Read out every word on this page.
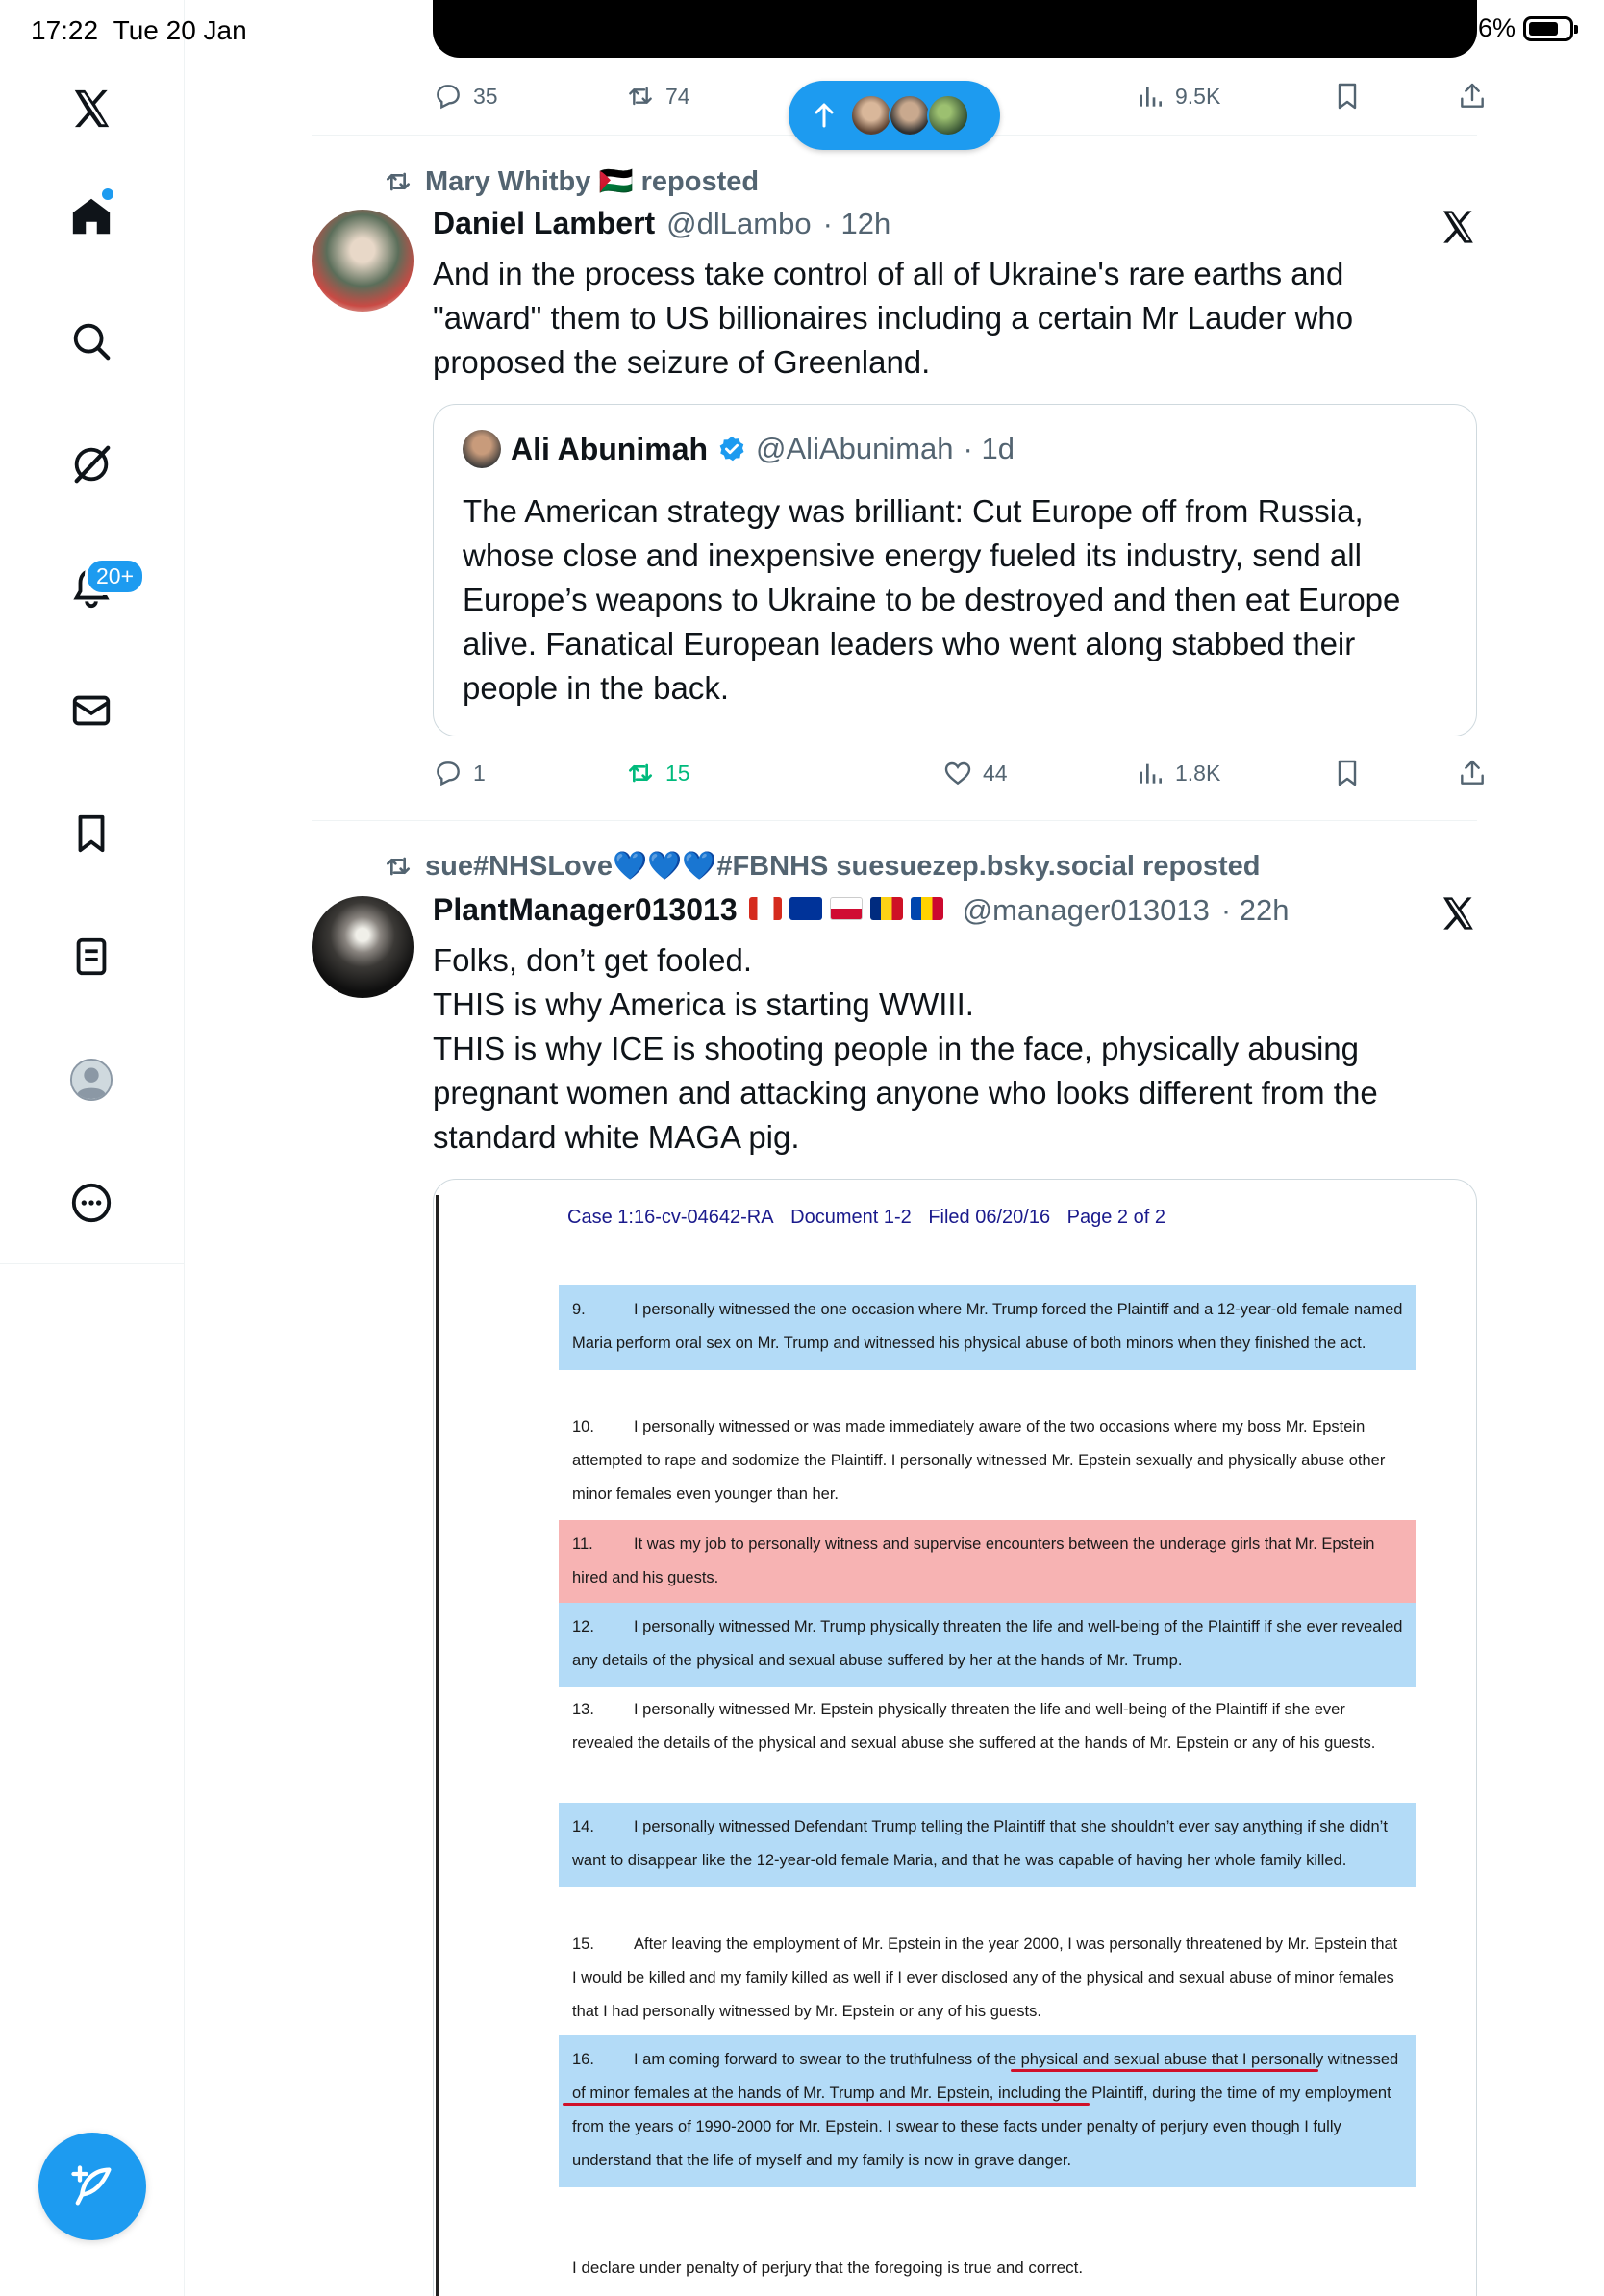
17:22 Tue 20 Jan	76%
20+
35	74	9.5K
Mary Whitby 🇵🇸 reposted
Daniel Lambert @dlLambo · 12h
And in the process take control of all of Ukraine's rare earths and "award" them to US billionaires including a certain Mr Lauder who proposed the seizure of Greenland.
Ali Abunimah @AliAbunimah · 1d
The American strategy was brilliant: Cut Europe off from Russia, whose close and inexpensive energy fueled its industry, send all Europe’s weapons to Ukraine to be destroyed and then eat Europe alive. Fanatical European leaders who went along stabbed their people in the back.
1	15	44	1.8K
sue#NHSLove💙💙💙#FBNHS suesuezep.bsky.social reposted
PlantManager013013	@manager013013 · 22h
Folks, don’t get fooled.
THIS is why America is starting WWIII.
THIS is why ICE is shooting people in the face, physically abusing pregnant women and attacking anyone who looks different from the standard white MAGA pig.
Case 1:16-cv-04642-RA Document 1-2 Filed 06/20/16 Page 2 of 2
9.	I personally witnessed the one occasion where Mr. Trump forced the Plaintiff and a 12-year-old female named Maria perform oral sex on Mr. Trump and witnessed his physical abuse of both minors when they finished the act.
10. I personally witnessed or was made immediately aware of the two occasions where my boss Mr. Epstein attempted to rape and sodomize the Plaintiff. I personally witnessed Mr. Epstein sexually and physically abuse other minor females even younger than her.
11.	It was my job to personally witness and supervise encounters between the underage girls that Mr. Epstein hired and his guests.
12. I personally witnessed Mr. Trump physically threaten the life and well-being of the Plaintiff if she ever revealed any details of the physical and sexual abuse suffered by her at the hands of Mr. Trump.
13. I personally witnessed Mr. Epstein physically threaten the life and well-being of the Plaintiff if she ever revealed the details of the physical and sexual abuse she suffered at the hands of Mr. Epstein or any of his guests.
14. I personally witnessed Defendant Trump telling the Plaintiff that she shouldn’t ever say anything if she didn’t want to disappear like the 12-year-old female Maria, and that he was capable of having her whole family killed.
15. After leaving the employment of Mr. Epstein in the year 2000, I was personally threatened by Mr. Epstein that I would be killed and my family killed as well if I ever disclosed any of the physical and sexual abuse of minor females that I had personally witnessed by Mr. Epstein or any of his guests.
16. I am coming forward to swear to the truthfulness of the physical and sexual abuse that I personally witnessed of minor females at the hands of Mr. Trump and Mr. Epstein, including the Plaintiff, during the time of my employment from the years of 1990-2000 for Mr. Epstein. I swear to these facts under penalty of perjury even though I fully understand that the life of myself and my family is now in grave danger.
I declare under penalty of perjury that the foregoing is true and correct.
